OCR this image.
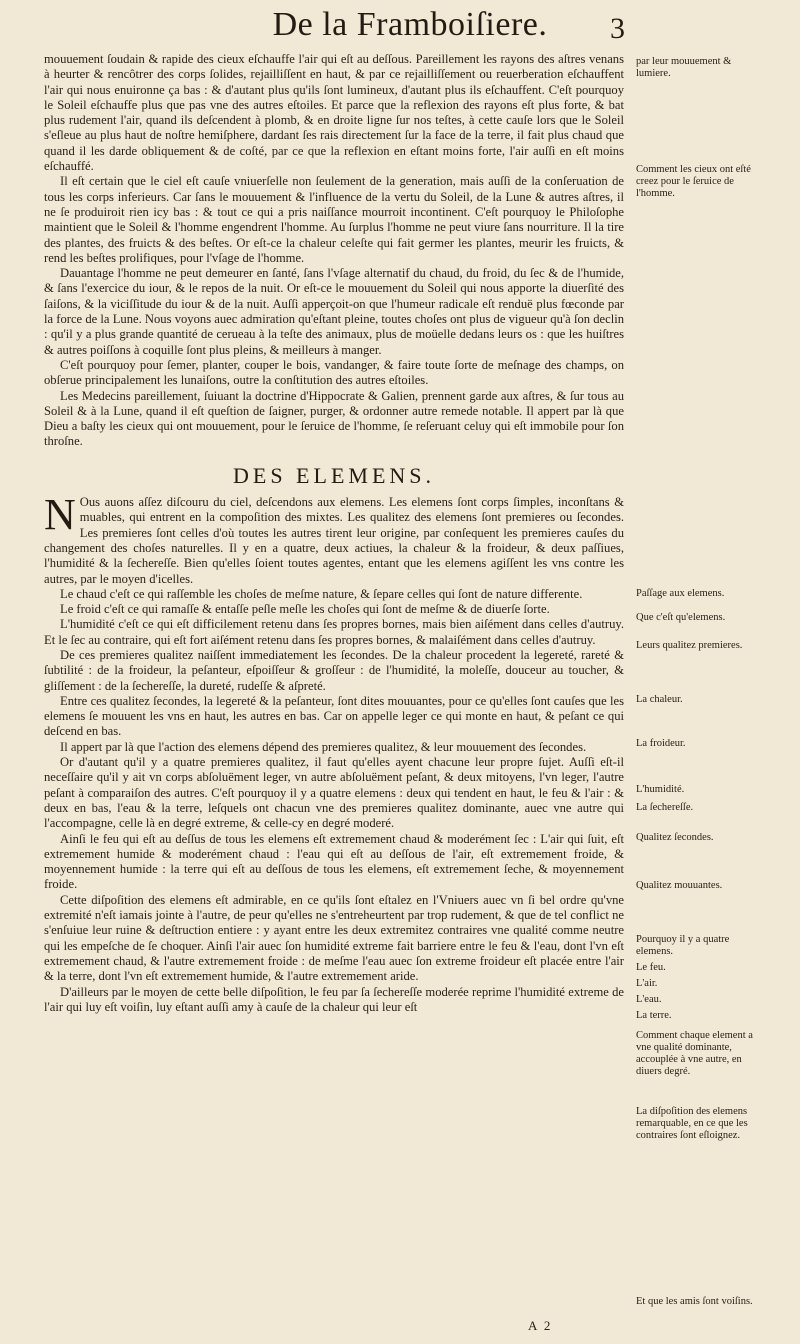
De la Framboiſiere.	3

mouuement ſoudain & rapide des cieux eſchauffe l'air qui eſt au deſſous. Pareillement les rayons des aſtres venans à heurter & rencôtrer des corps ſolides, rejailliſſent en haut, & par ce rejailliſſement ou reuerberation eſchauffent l'air qui nous enuironne ça bas : & d'autant plus qu'ils ſont lumineux, d'autant plus ils eſchauffent. C'eſt pourquoy le Soleil eſchauffe plus que pas vne des autres eſtoiles. Et parce que la reflexion des rayons eſt plus forte, & bat plus rudement l'air, quand ils deſcendent à plomb, & en droite ligne ſur nos teſtes, à cette cauſe lors que le Soleil s'eſleue au plus haut de noſtre hemiſphere, dardant ſes rais directement ſur la face de la terre, il fait plus chaud que quand il les darde obliquement & de coſté, par ce que la reflexion en eſtant moins forte, l'air auſſi en eſt moins eſchauffé.

Il eſt certain que le ciel eſt cauſe vniuerſelle non ſeulement de la generation, mais auſſi de la conſeruation de tous les corps inferieurs. Car ſans le mouuement & l'influence de la vertu du Soleil, de la Lune & autres aſtres, il ne ſe produiroit rien icy bas : & tout ce qui a pris naiſſance mourroit incontinent. C'eſt pourquoy le Philoſophe maintient que le Soleil & l'homme engendrent l'homme. Au ſurplus l'homme ne peut viure ſans nourriture. Il la tire des plantes, des fruicts & des beſtes. Or eſt-ce la chaleur celeſte qui fait germer les plantes, meurir les fruicts, & rend les beſtes prolifiques, pour l'vſage de l'homme.

Dauantage l'homme ne peut demeurer en ſanté, ſans l'vſage alternatif du chaud, du froid, du ſec & de l'humide, & ſans l'exercice du iour, & le repos de la nuit. Or eſt-ce le mouuement du Soleil qui nous apporte la diuerſité des ſaiſons, & la viciſſitude du iour & de la nuit. Auſſi apperçoit-on que l'humeur radicale eſt renduë plus fœconde par la force de la Lune. Nous voyons auec admiration qu'eſtant pleine, toutes choſes ont plus de vigueur qu'à ſon declin : qu'il y a plus grande quantité de cerueau à la teſte des animaux, plus de moüelle dedans leurs os : que les huiſtres & autres poiſſons à coquille ſont plus pleins, & meilleurs à manger.

C'eſt pourquoy pour ſemer, planter, couper le bois, vandanger, & faire toute ſorte de meſnage des champs, on obſerue principalement les lunaiſons, outre la conſtitution des autres eſtoiles.

Les Medecins pareillement, ſuiuant la doctrine d'Hippocrate & Galien, prennent garde aux aſtres, & ſur tous au Soleil & à la Lune, quand il eſt queſtion de ſaigner, purger, & ordonner autre remede notable. Il appert par là que Dieu a baſty les cieux qui ont mouuement, pour le ſeruice de l'homme, ſe reſeruant celuy qui eſt immobile pour ſon throſne.

DES ELEMENS.

N Ous auons aſſez diſcouru du ciel, deſcendons aux elemens. Les elemens ſont corps ſimples, inconſtans & muables, qui entrent en la compoſition des mixtes. Les qualitez des elemens ſont premieres ou ſecondes. Les premieres ſont celles d'où toutes les autres tirent leur origine, par conſequent les premieres cauſes du changement des choſes naturelles. Il y en a quatre, deux actiues, la chaleur & la froideur, & deux paſſiues, l'humidité & la ſechereſſe. Bien qu'elles ſoient toutes agentes, entant que les elemens agiſſent les vns contre les autres, par le moyen d'icelles.

Le chaud c'eſt ce qui raſſemble les choſes de meſme nature, & ſepare celles qui ſont de nature differente.

Le froid c'eſt ce qui ramaſſe & entaſſe peſle meſle les choſes qui ſont de meſme & de diuerſe ſorte.

L'humidité c'eſt ce qui eſt difficilement retenu dans ſes propres bornes, mais bien aiſément dans celles d'autruy. Et le ſec au contraire, qui eſt fort aiſément retenu dans ſes propres bornes, & malaiſément dans celles d'autruy.

De ces premieres qualitez naiſſent immediatement les ſecondes. De la chaleur procedent la legereté, rareté & ſubtilité : de la froideur, la peſanteur, eſpoiſſeur & groſſeur : de l'humidité, la moleſſe, douceur au toucher, & gliſſement : de la ſechereſſe, la dureté, rudeſſe & aſpreté.

Entre ces qualitez ſecondes, la legereté & la peſanteur, ſont dites mouuantes, pour ce qu'elles ſont cauſes que les elemens ſe mouuent les vns en haut, les autres en bas. Car on appelle leger ce qui monte en haut, & peſant ce qui deſcend en bas.

Il appert par là que l'action des elemens dépend des premieres qualitez, & leur mouuement des ſecondes.

Or d'autant qu'il y a quatre premieres qualitez, il faut qu'elles ayent chacune leur propre ſujet. Auſſi eſt-il neceſſaire qu'il y ait vn corps abſoluëment leger, vn autre abſoluëment peſant, & deux mitoyens, l'vn leger, l'autre peſant à comparaiſon des autres. C'eſt pourquoy il y a quatre elemens : deux qui tendent en haut, le feu & l'air : & deux en bas, l'eau & la terre, leſquels ont chacun vne des premieres qualitez dominante, auec vne autre qui l'accompagne, celle là en degré extreme, & celle-cy en degré moderé.

Ainſi le feu qui eſt au deſſus de tous les elemens eſt extremement chaud & moderément ſec : L'air qui ſuit, eſt extremement humide & moderément chaud : l'eau qui eſt au deſſous de l'air, eſt extremement froide, & moyennement humide : la terre qui eſt au deſſous de tous les elemens, eſt extremement ſeche, & moyennement froide.

Cette diſpoſition des elemens eſt admirable, en ce qu'ils ſont eſtalez en l'Vniuers auec vn ſi bel ordre qu'vne extremité n'eſt iamais jointe à l'autre, de peur qu'elles ne s'entreheurtent par trop rudement, & que de tel conflict ne s'enſuiue leur ruine & deſtruction entiere : y ayant entre les deux extremitez contraires vne qualité comme neutre qui les empeſche de ſe choquer. Ainſi l'air auec ſon humidité extreme fait barriere entre le feu & l'eau, dont l'vn eſt extremement chaud, & l'autre extremement froide : de meſme l'eau auec ſon extreme froideur eſt placée entre l'air & la terre, dont l'vn eſt extremement humide, & l'autre extremement aride.

D'ailleurs par le moyen de cette belle diſpoſition, le feu par ſa ſechereſſe moderée reprime l'humidité extreme de l'air qui luy eſt voiſin, luy eſtant auſſi amy à cauſe de la chaleur qui leur eſt

par leur mouuement & lumiere.
Comment les cieux ont eſté creez pour le ſeruice de l'homme.
Paſſage aux elemens.
Que c'eſt qu'elemens.
Leurs qualitez premieres.
La chaleur.
La froideur.
L'humidité.
La ſechereſſe.
Qualitez ſecondes.
Qualitez mouuantes.
Pourquoy il y a quatre elemens.
Le feu.
L'air.
L'eau.
La terre.
Comment chaque element a vne qualité dominante, accouplée à vne autre, en diuers degré.
La diſpoſition des elemens remarquable, en ce que les contraires ſont eſloignez.
Et que les amis ſont voiſins.
A 2
